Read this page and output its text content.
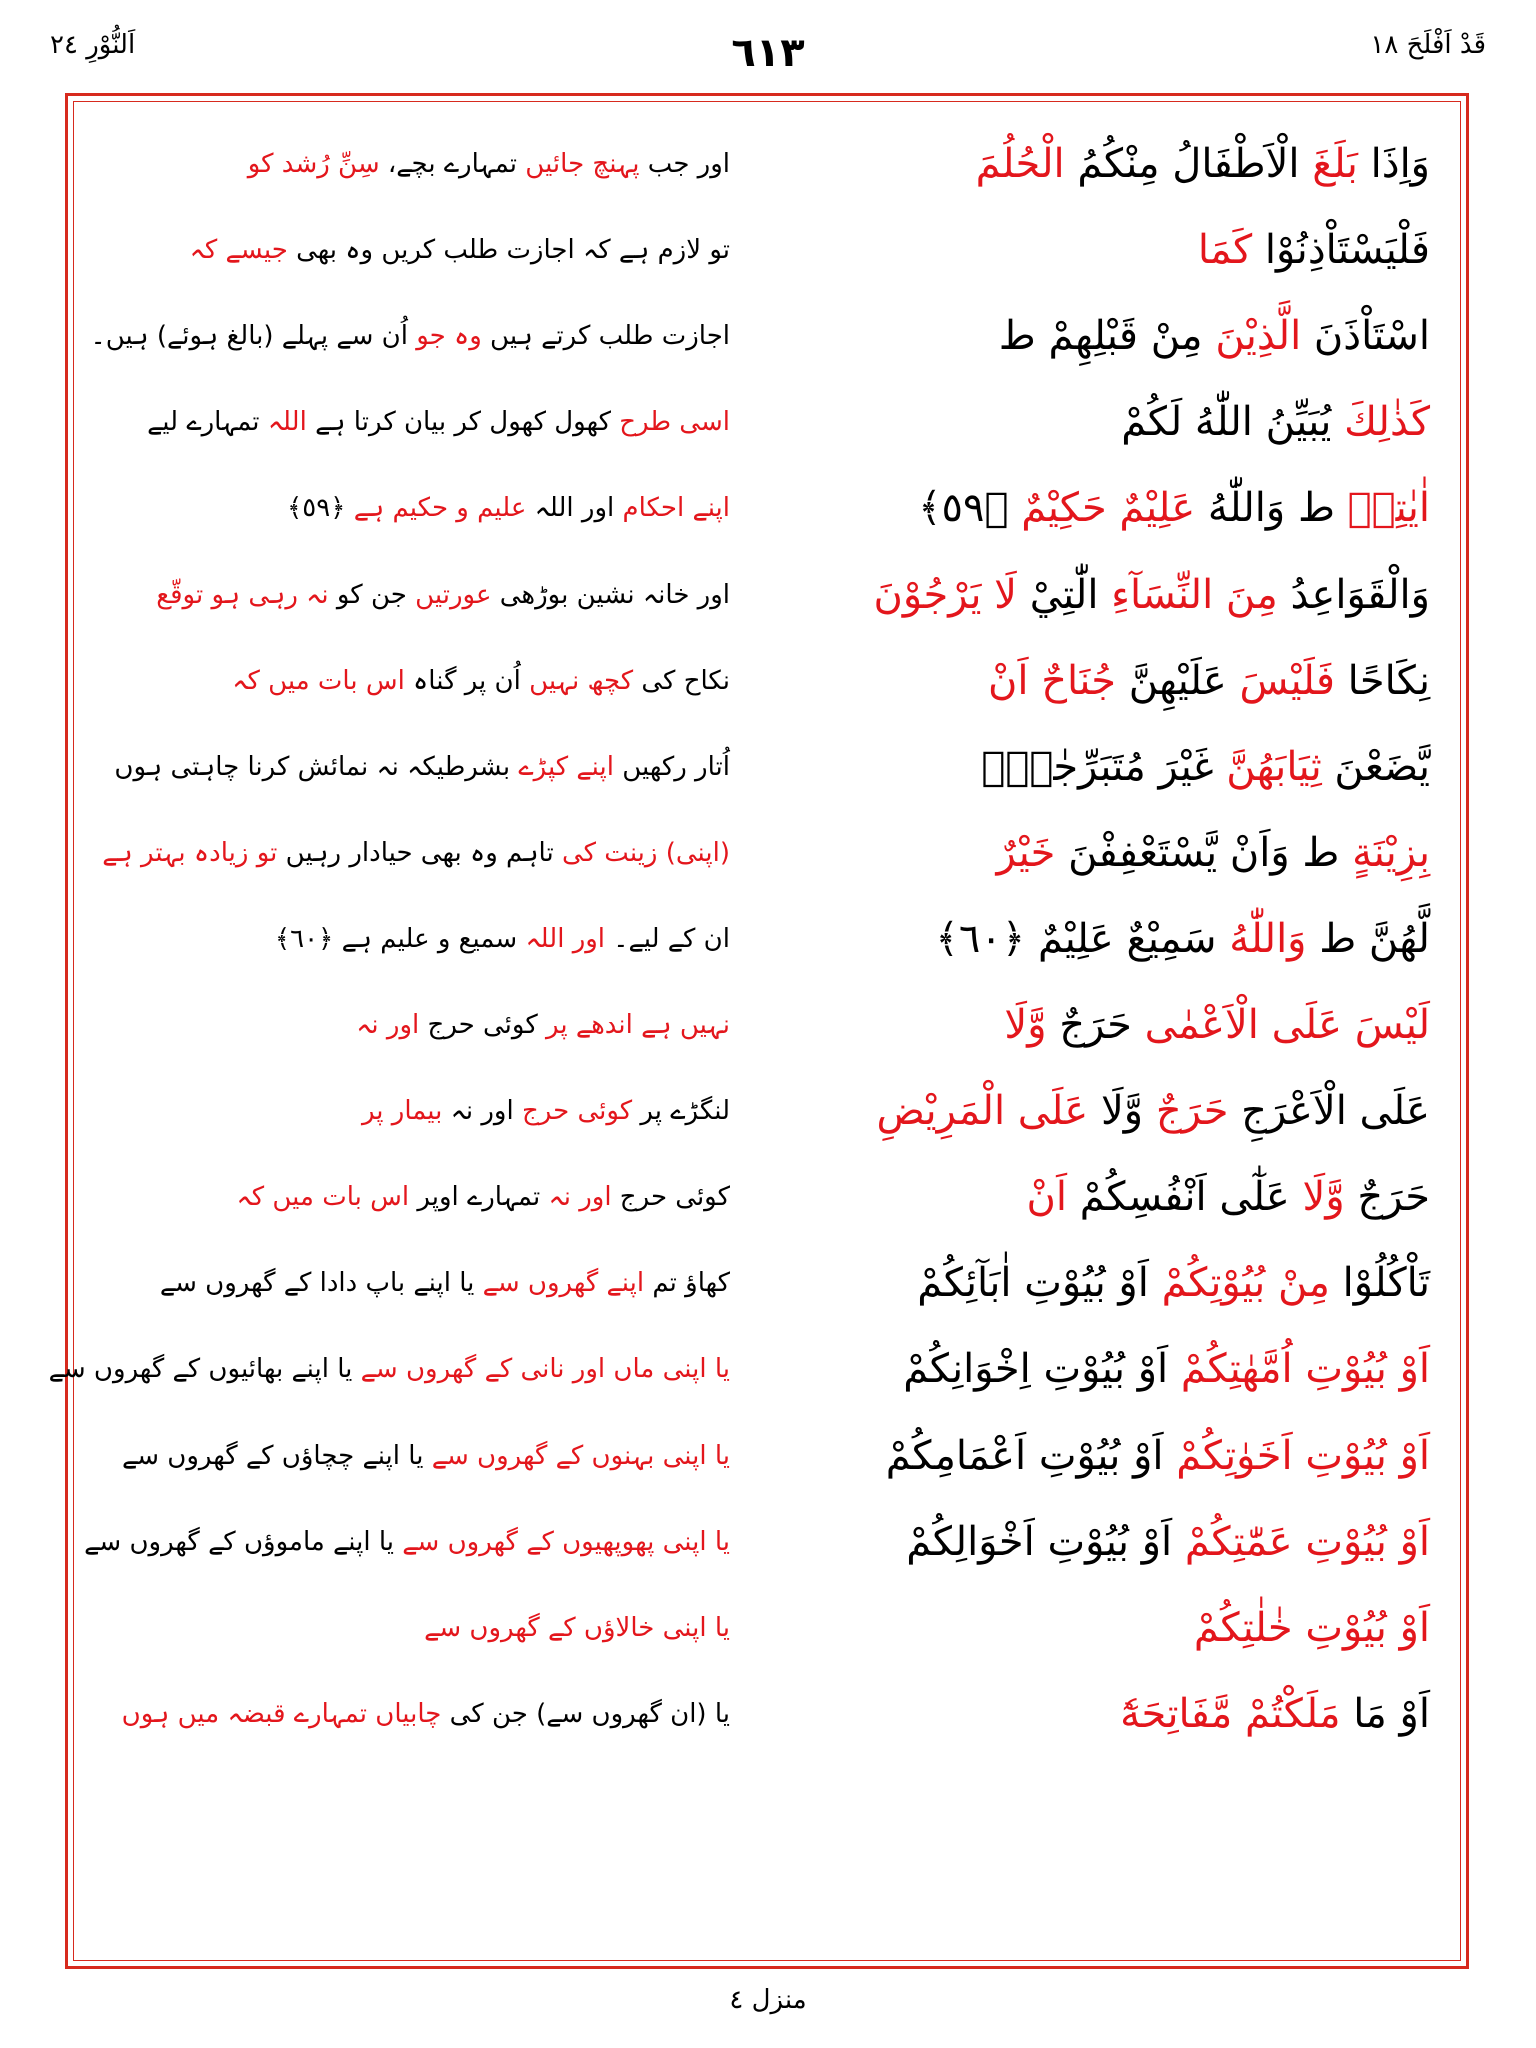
اَلنُّوْرِ ٢٤	٦١٣	قَدْ اَفْلَحَ ١٨
وَاِذَا بَلَغَ الْاَطْفَالُ مِنْكُمُ الْحُلُمَ
اور جب پہنچ جائیں تمہارے بچے، سِنِّ رُشد کو
فَلْيَسْتَاْذِنُوْا كَمَا
تو لازم ہے کہ اجازت طلب کریں وہ بھی جیسے کہ
اسْتَاْذَنَ الَّذِيْنَ مِنْ قَبْلِهِمْ ط
اجازت طلب کرتے ہیں وہ جو اُن سے پہلے (بالغ ہوئے) ہیں۔
كَذٰلِكَ يُبَيِّنُ اللّٰهُ لَكُمْ
اسی طرح کھول کھول کر بیان کرتا ہے اللہ تمہارے لیے
اٰيٰتِهٖ ط وَاللّٰهُ عَلِيْمٌ حَكِيْمٌ ﴿٥٩﴾
اپنے احکام اور اللہ علیم و حکیم ہے ﴿٥٩﴾
وَالْقَوَاعِدُ مِنَ النِّسَآءِ الّٰتِيْ لَا يَرْجُوْنَ
اور خانہ نشین بوڑھی عورتیں جن کو نہ رہی ہو توقّع
نِكَاحًا فَلَيْسَ عَلَيْهِنَّ جُنَاحٌ اَنْ
نکاح کی کچھ نہیں اُن پر گناہ اس بات میں کہ
يَّضَعْنَ ثِيَابَهُنَّ غَيْرَ مُتَبَرِّجٰتٍۭ
اُتار رکھیں اپنے کپڑے بشرطیکہ نہ نمائش کرنا چاہتی ہوں
بِزِيْنَةٍ ط وَاَنْ يَّسْتَعْفِفْنَ خَيْرٌ
(اپنی) زینت کی تاہم وہ بھی حیادار رہیں تو زیادہ بہتر ہے
لَّهُنَّ ط وَاللّٰهُ سَمِيْعٌ عَلِيْمٌ ﴿٦٠﴾
ان کے لیے۔ اور اللہ سمیع و علیم ہے ﴿٦٠﴾
لَيْسَ عَلَى الْاَعْمٰى حَرَجٌ وَّلَا
نہیں ہے اندھے پر کوئی حرج اور نہ
عَلَى الْاَعْرَجِ حَرَجٌ وَّلَا عَلَى الْمَرِيْضِ
لنگڑے پر کوئی حرج اور نہ بیمار پر
حَرَجٌ وَّلَا عَلٰٓى اَنْفُسِكُمْ اَنْ
کوئی حرج اور نہ تمہارے اوپر اس بات میں کہ
تَاْكُلُوْا مِنْ بُيُوْتِكُمْ اَوْ بُيُوْتِ اٰبَآئِكُمْ
کھاؤ تم اپنے گھروں سے یا اپنے باپ دادا کے گھروں سے
اَوْ بُيُوْتِ اُمَّهٰتِكُمْ اَوْ بُيُوْتِ اِخْوَانِكُمْ
یا اپنی ماں اور نانی کے گھروں سے یا اپنے بھائیوں کے گھروں سے
اَوْ بُيُوْتِ اَخَوٰتِكُمْ اَوْ بُيُوْتِ اَعْمَامِكُمْ
یا اپنی بہنوں کے گھروں سے یا اپنے چچاؤں کے گھروں سے
اَوْ بُيُوْتِ عَمّٰتِكُمْ اَوْ بُيُوْتِ اَخْوَالِكُمْ
یا اپنی پھوپھیوں کے گھروں سے یا اپنے ماموؤں کے گھروں سے
اَوْ بُيُوْتِ خٰلٰتِكُمْ
یا اپنی خالاؤں کے گھروں سے
اَوْ مَا مَلَكْتُمْ مَّفَاتِحَهٗٓ
یا (ان گھروں سے) جن کی چابیاں تمہارے قبضہ میں ہوں
منزل ٤
